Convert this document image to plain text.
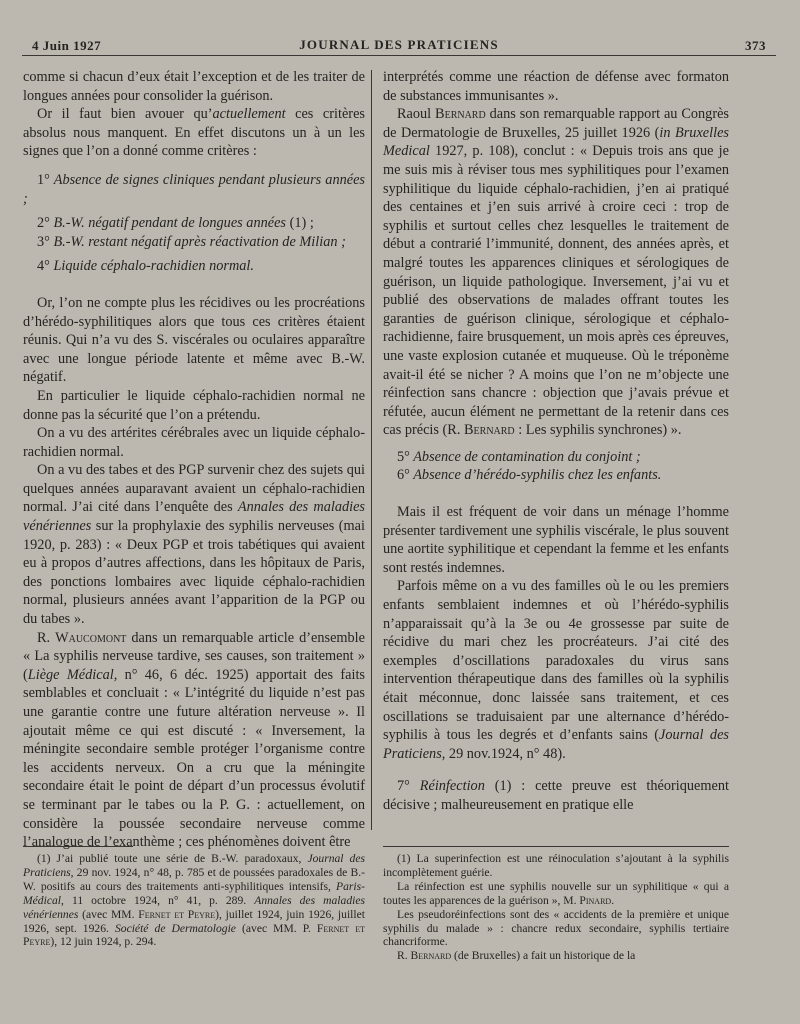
4 Juin 1927	JOURNAL DES PRATICIENS	373

comme si chacun d’eux était l’exception et de les traiter de longues années pour consolider la guérison.

Or il faut bien avouer qu’actuellement ces critères absolus nous manquent. En effet discutons un à un les signes que l’on a donné comme critères :

1° Absence de signes cliniques pendant plusieurs années ;

2° B.-W. négatif pendant de longues années (1) ;

3° B.-W. restant négatif après réactivation de Milian ;

4° Liquide céphalo-rachidien normal.

Or, l’on ne compte plus les récidives ou les procréations d’hérédo-syphilitiques alors que tous ces critères étaient réunis. Qui n’a vu des S. viscérales ou oculaires apparaître avec une longue période latente et même avec B.-W. négatif.

En particulier le liquide céphalo-rachidien normal ne donne pas la sécurité que l’on a prétendu.

On a vu des artérites cérébrales avec un liquide céphalo-rachidien normal.

On a vu des tabes et des PGP survenir chez des sujets qui quelques années auparavant avaient un céphalo-rachidien normal. J’ai cité dans l’enquête des Annales des maladies vénériennes sur la prophylaxie des syphilis nerveuses (mai 1920, p. 283) : « Deux PGP et trois tabétiques qui avaient eu à propos d’autres affections, dans les hôpitaux de Paris, des ponctions lombaires avec liquide céphalo-rachidien normal, plusieurs années avant l’apparition de la PGP ou du tabes ».

R. Waucomont dans un remarquable article d’ensemble « La syphilis nerveuse tardive, ses causes, son traitement » (Liège Médical, n° 46, 6 déc. 1925) apportait des faits semblables et concluait : « L’intégrité du liquide n’est pas une garantie contre une future altération nerveuse ». Il ajoutait même ce qui est discuté : « Inversement, la méningite secondaire semble protéger l’organisme contre les accidents nerveux. On a cru que la méningite secondaire était le point de départ d’un processus évolutif se terminant par le tabes ou la P. G. : actuellement, on considère la poussée secondaire nerveuse comme l’analogue de l’exanthème ; ces phénomènes doivent être

interprétés comme une réaction de défense avec formaton de substances immunisantes ».

Raoul Bernard dans son remarquable rapport au Congrès de Dermatologie de Bruxelles, 25 juillet 1926 (in Bruxelles Medical 1927, p. 108), conclut : « Depuis trois ans que je me suis mis à réviser tous mes syphilitiques pour l’examen syphilitique du liquide céphalo-rachidien, j’en ai pratiqué des centaines et j’en suis arrivé à croire ceci : trop de syphilis et surtout celles chez lesquelles le traitement de début a contrarié l’immunité, donnent, des années après, et malgré toutes les apparences cliniques et sérologiques de guérison, un liquide pathologique. Inversement, j’ai vu et publié des observations de malades offrant toutes les garanties de guérison clinique, sérologique et céphalo-rachidienne, faire brusquement, un mois après ces épreuves, une vaste explosion cutanée et muqueuse. Où le tréponème avait-il été se nicher ? A moins que l’on ne m’objecte une réinfection sans chancre : objection que j’avais prévue et réfutée, aucun élément ne permettant de la retenir dans ces cas précis (R. Bernard : Les syphilis synchrones) ».

5° Absence de contamination du conjoint ;

6° Absence d’hérédo-syphilis chez les enfants.

Mais il est fréquent de voir dans un ménage l’homme présenter tardivement une syphilis viscérale, le plus souvent une aortite syphilitique et cependant la femme et les enfants sont restés indemnes.

Parfois même on a vu des familles où le ou les premiers enfants semblaient indemnes et où l’hérédo-syphilis n’apparaissait qu’à la 3e ou 4e grossesse par suite de récidive du mari chez les procréateurs. J’ai cité des exemples d’oscillations paradoxales du virus sans intervention thérapeutique dans des familles où la syphilis était méconnue, donc laissée sans traitement, et ces oscillations se traduisaient par une alternance d’hérédo-syphilis à tous les degrés et d’enfants sains (Journal des Praticiens, 29 nov.1924, n° 48).

7° Réinfection (1) : cette preuve est théoriquement décisive ; malheureusement en pratique elle

(1) J’ai publié toute une série de B.-W. paradoxaux, Journal des Praticiens, 29 nov. 1924, n° 48, p. 785 et de poussées paradoxales de B.-W. positifs au cours des traitements anti-syphilitiques intensifs, Paris-Médical, 11 octobre 1924, n° 41, p. 289. Annales des maladies vénériennes (avec MM. Fernet et Peyre), juillet 1924, juin 1926, juillet 1926, sept. 1926. Société de Dermatologie (avec MM. P. Fernet et Peyre), 12 juin 1924, p. 294.

(1) La superinfection est une réinoculation s’ajoutant à la syphilis incomplètement guérie.

La réinfection est une syphilis nouvelle sur un syphilitique « qui a toutes les apparences de la guérison », M. Pinard.

Les pseudoréinfections sont des « accidents de la première et unique syphilis du malade » : chancre redux secondaire, syphilis tertiaire chancriforme.

R. Bernard (de Bruxelles) a fait un historique de la
